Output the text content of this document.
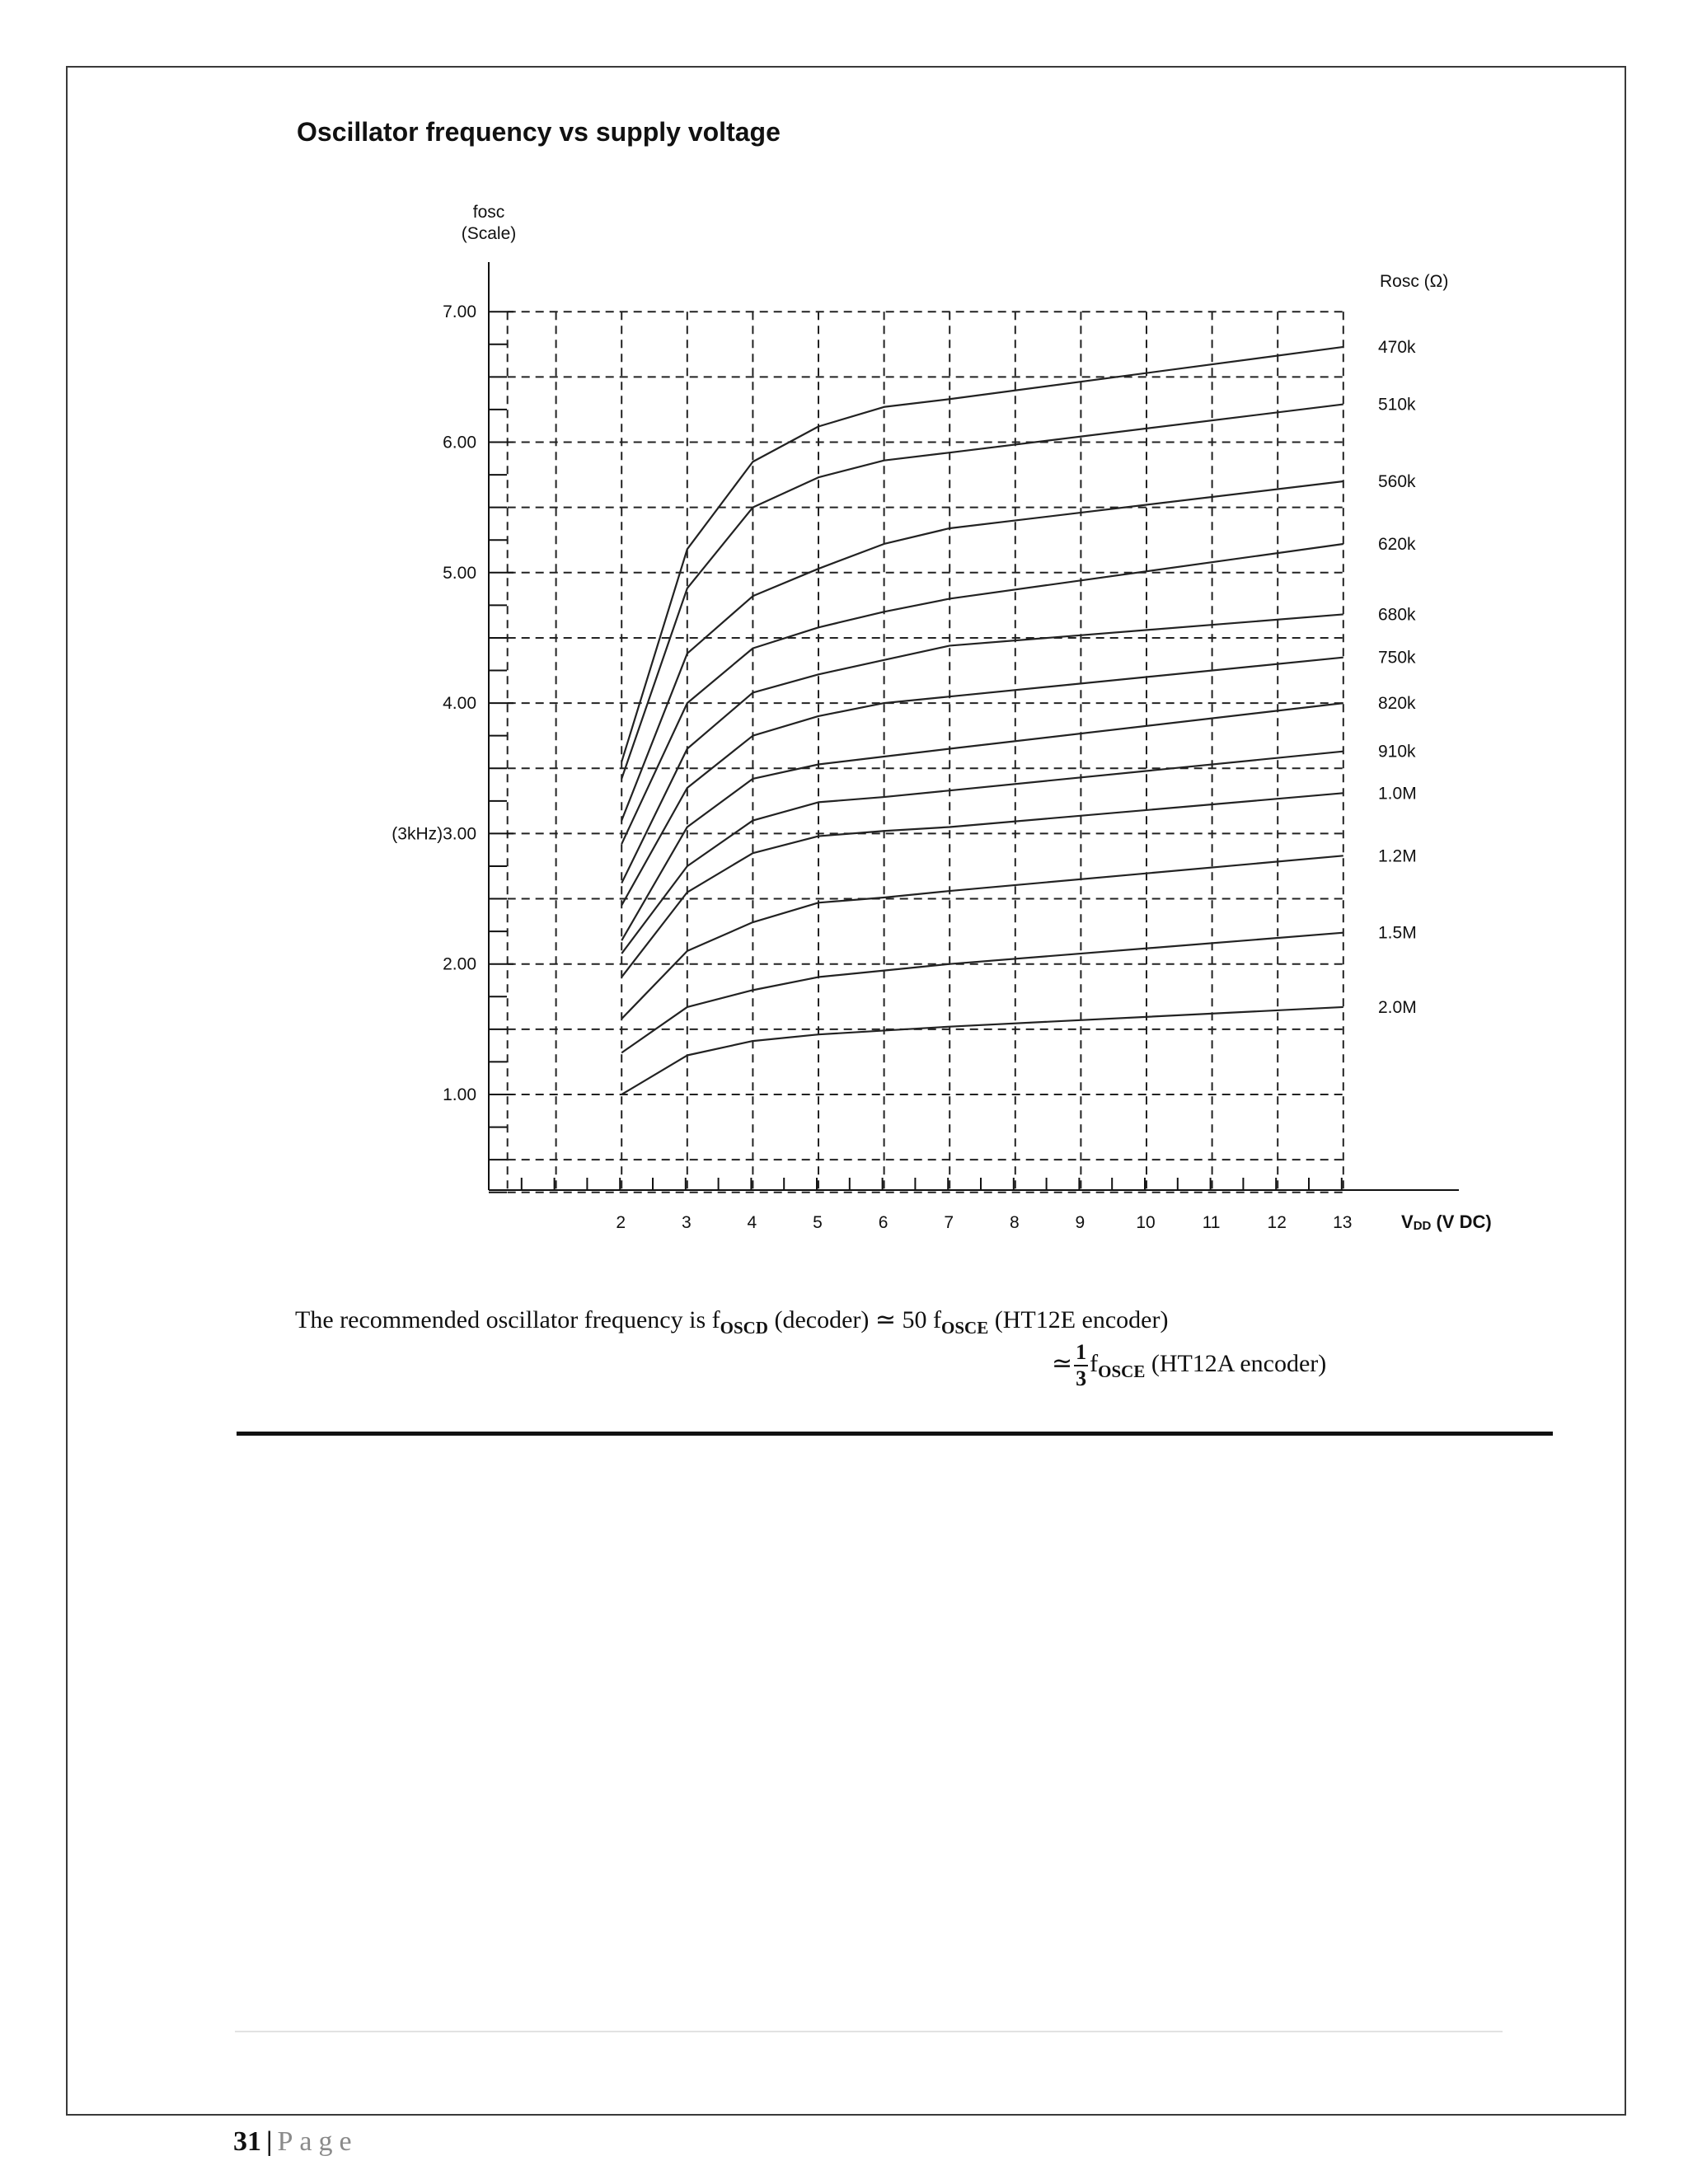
Oscillator frequency vs supply voltage
1.00
2.00
(3kHz)3.00
4.00
5.00
6.00
7.00
2	3	4	5	6	7	8	9	10	11	12	13
fosc
(Scale)
VDD (V DC)
Rosc (Ω)
470k
510k
560k
620k
680k
750k
820k
910k
1.0M
1.2M
1.5M
2.0M
The recommended oscillator frequency is $f_{OSCD}$ (decoder) ≃ 50 $f_{OSCE}$ (HT12E encoder)
≃ $\frac{1}{3} f_{OSCE}$ (HT12A encoder)
31 | Page
